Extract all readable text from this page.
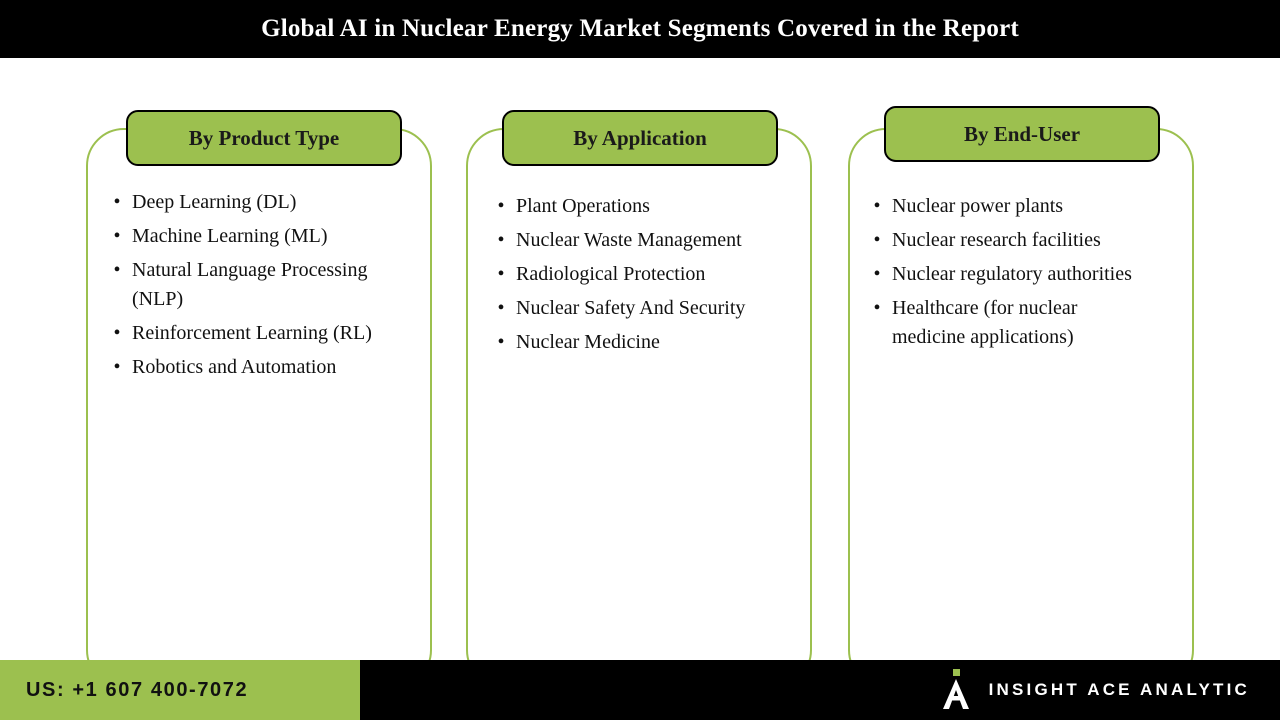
Global AI in Nuclear Energy Market Segments Covered in the Report
By Product Type
• Deep Learning (DL)
• Machine Learning (ML)
• Natural Language Processing (NLP)
• Reinforcement Learning (RL)
• Robotics and Automation
By Application
• Plant Operations
• Nuclear Waste Management
• Radiological Protection
• Nuclear Safety And Security
• Nuclear Medicine
By End-User
• Nuclear power plants
• Nuclear research facilities
• Nuclear regulatory authorities
• Healthcare (for nuclear medicine applications)
US: +1 607 400-7072	INSIGHT ACE ANALYTIC
